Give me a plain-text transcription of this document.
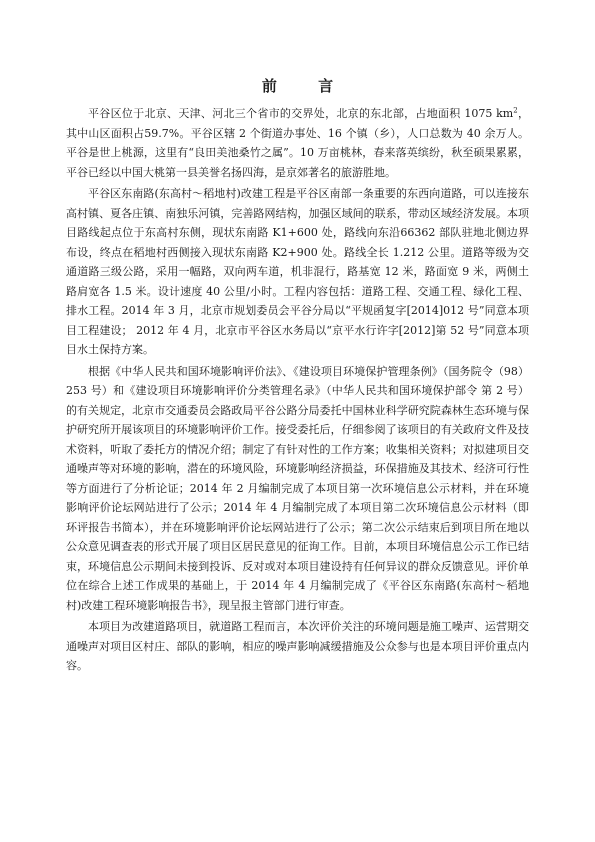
前 言

平谷区位于北京、天津、河北三个省市的交界处，北京的东北部，占地面积 1075 $km^2$，其中山区面积占59.7%。平谷区辖 2 个街道办事处、16 个镇（乡），人口总数为 40 余万人。平谷是世上桃源，这里有“良田美池桑竹之属”。10 万亩桃林，春来落英缤纷，秋至硕果累累，平谷已经以中国大桃第一县美誉名扬四海，是京郊著名的旅游胜地。

平谷区东南路(东高村～稻地村)改建工程是平谷区南部一条重要的东西向道路，可以连接东高村镇、夏各庄镇、南独乐河镇，完善路网结构，加强区域间的联系，带动区域经济发展。本项目路线起点位于东高村东侧，现状东南路 K1+600 处，路线向东沿66362 部队驻地北侧边界布设，终点在稻地村西侧接入现状东南路 K2+900 处。路线全长 1.212 公里。道路等级为交通道路三级公路，采用一幅路，双向两车道，机非混行，路基宽 12 米，路面宽 9 米，两侧土路肩宽各 1.5 米。设计速度 40 公里/小时。工程内容包括：道路工程、交通工程、绿化工程、排水工程。2014 年 3 月，北京市规划委员会平谷分局以“平规函复字[2014]012 号”同意本项目工程建设； 2012 年 4 月，北京市平谷区水务局以“京平水行许字[2012]第 52 号”同意本项目水土保持方案。

根据《中华人民共和国环境影响评价法》、《建设项目环境保护管理条例》（国务院令（98）253 号）和《建设项目环境影响评价分类管理名录》（中华人民共和国环境保护部令 第 2 号）的有关规定，北京市交通委员会路政局平谷公路分局委托中国林业科学研究院森林生态环境与保护研究所开展该项目的环境影响评价工作。接受委托后，仔细参阅了该项目的有关政府文件及技术资料，听取了委托方的情况介绍；制定了有针对性的工作方案；收集相关资料；对拟建项目交通噪声等对环境的影响，潜在的环境风险，环境影响经济损益，环保措施及其技术、经济可行性等方面进行了分析论证；2014 年 2 月编制完成了本项目第一次环境信息公示材料，并在环境影响评价论坛网站进行了公示；2014 年 4 月编制完成了本项目第二次环境信息公示材料（即环评报告书简本），并在环境影响评价论坛网站进行了公示；第二次公示结束后到项目所在地以公众意见调查表的形式开展了项目区居民意见的征询工作。目前，本项目环境信息公示工作已结束，环境信息公示期间未接到投诉、反对或对本项目建设持有任何异议的群众反馈意见。评价单位在综合上述工作成果的基础上，于 2014 年 4 月编制完成了《平谷区东南路(东高村～稻地村)改建工程环境影响报告书》，现呈报主管部门进行审查。

本项目为改建道路项目，就道路工程而言，本次评价关注的环境问题是施工噪声、运营期交通噪声对项目区村庄、部队的影响，相应的噪声影响减缓措施及公众参与也是本项目评价重点内容。
